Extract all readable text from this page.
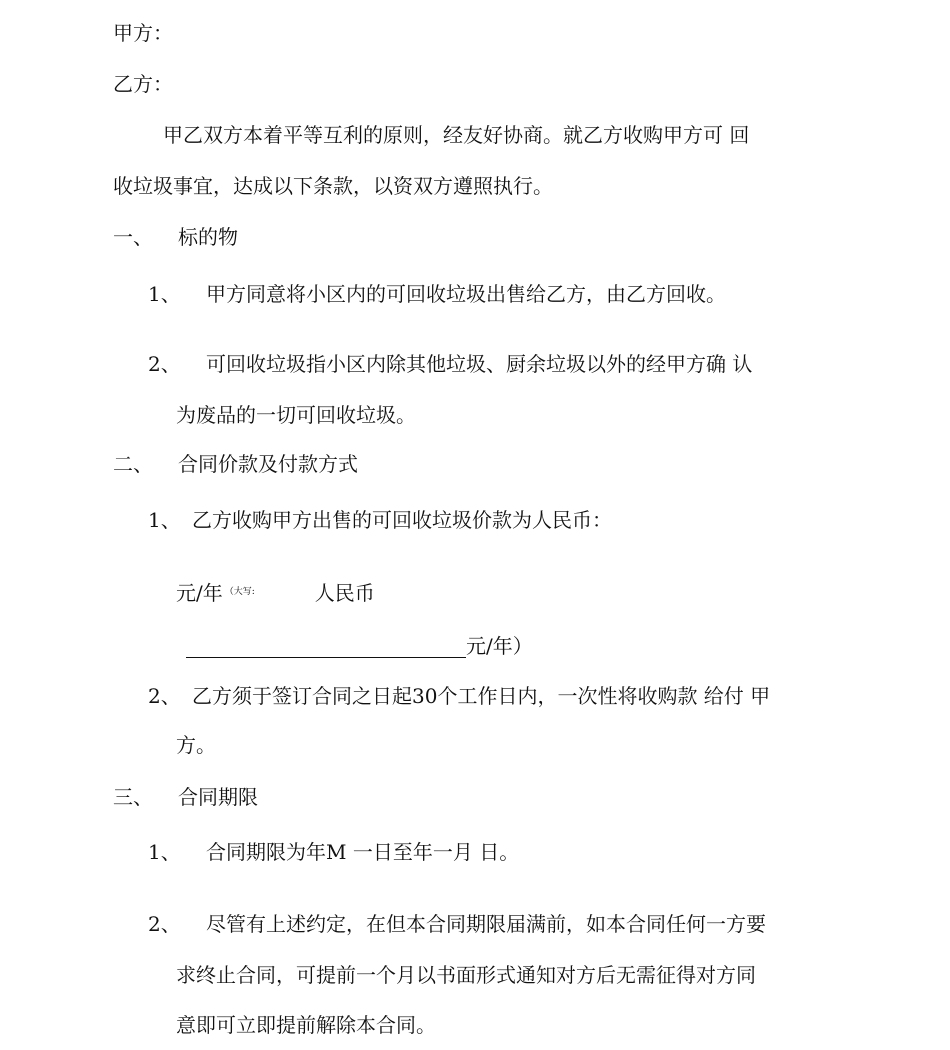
甲方：

乙方：

甲乙双方本着平等互利的原则，经友好协商。就乙方收购甲方可 回

收垃圾事宜，达成以下条款，以资双方遵照执行。

一、 标的物

1、 甲方同意将小区内的可回收垃圾出售给乙方，由乙方回收。

2、 可回收垃圾指小区内除其他垃圾、厨余垃圾以外的经甲方确 认

为废品的一切可回收垃圾。

二、 合同价款及付款方式

1、 乙方收购甲方出售的可回收垃圾价款为人民币：

元/年 $^{(大写:}$	人民币

元/年）

2、 乙方须于签订合同之日起30个工作日内，一次性将收购款 给付 甲

方。

三、 合同期限

1、 合同期限为年M 一日至年一月 日。

2、 尽管有上述约定，在但本合同期限届满前，如本合同任何一方要

求终止合同，可提前一个月以书面形式通知对方后无需征得对方同

意即可立即提前解除本合同。
